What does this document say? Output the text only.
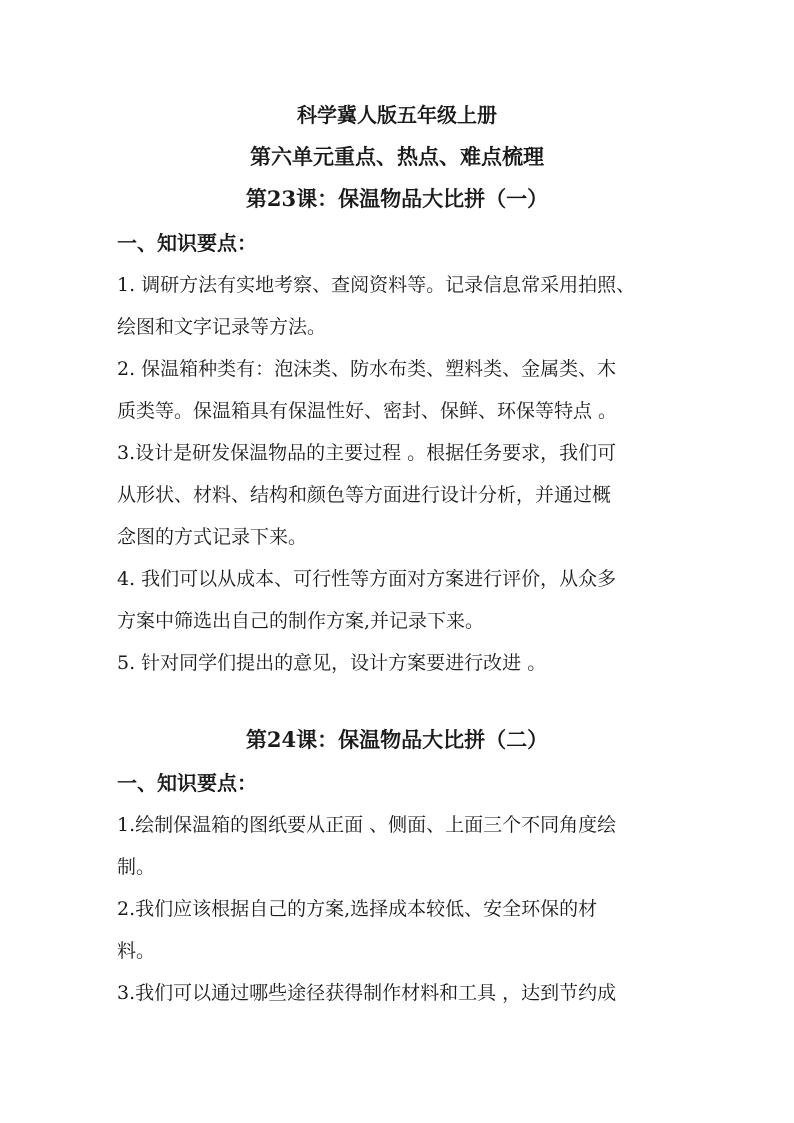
科学冀人版五年级上册
第六单元重点、热点、难点梳理
第23课：保温物品大比拼（一）
一、知识要点：
1. 调研方法有实地考察、查阅资料等。记录信息常采用拍照、
绘图和文字记录等方法。
2. 保温箱种类有：泡沫类、防水布类、塑料类、金属类、木
质类等。保温箱具有保温性好、密封、保鲜、环保等特点 。
3.设计是研发保温物品的主要过程 。根据任务要求，我们可
从形状、材料、结构和颜色等方面进行设计分析，并通过概
念图的方式记录下来。
4. 我们可以从成本、可行性等方面对方案进行评价，从众多
方案中筛选出自己的制作方案,并记录下来。
5. 针对同学们提出的意见，设计方案要进行改进 。
第24课：保温物品大比拼（二）
一、知识要点：
1.绘制保温箱的图纸要从正面 、侧面、上面三个不同角度绘
制。
2.我们应该根据自己的方案,选择成本较低、安全环保的材
料。
3.我们可以通过哪些途径获得制作材料和工具 ，达到节约成
